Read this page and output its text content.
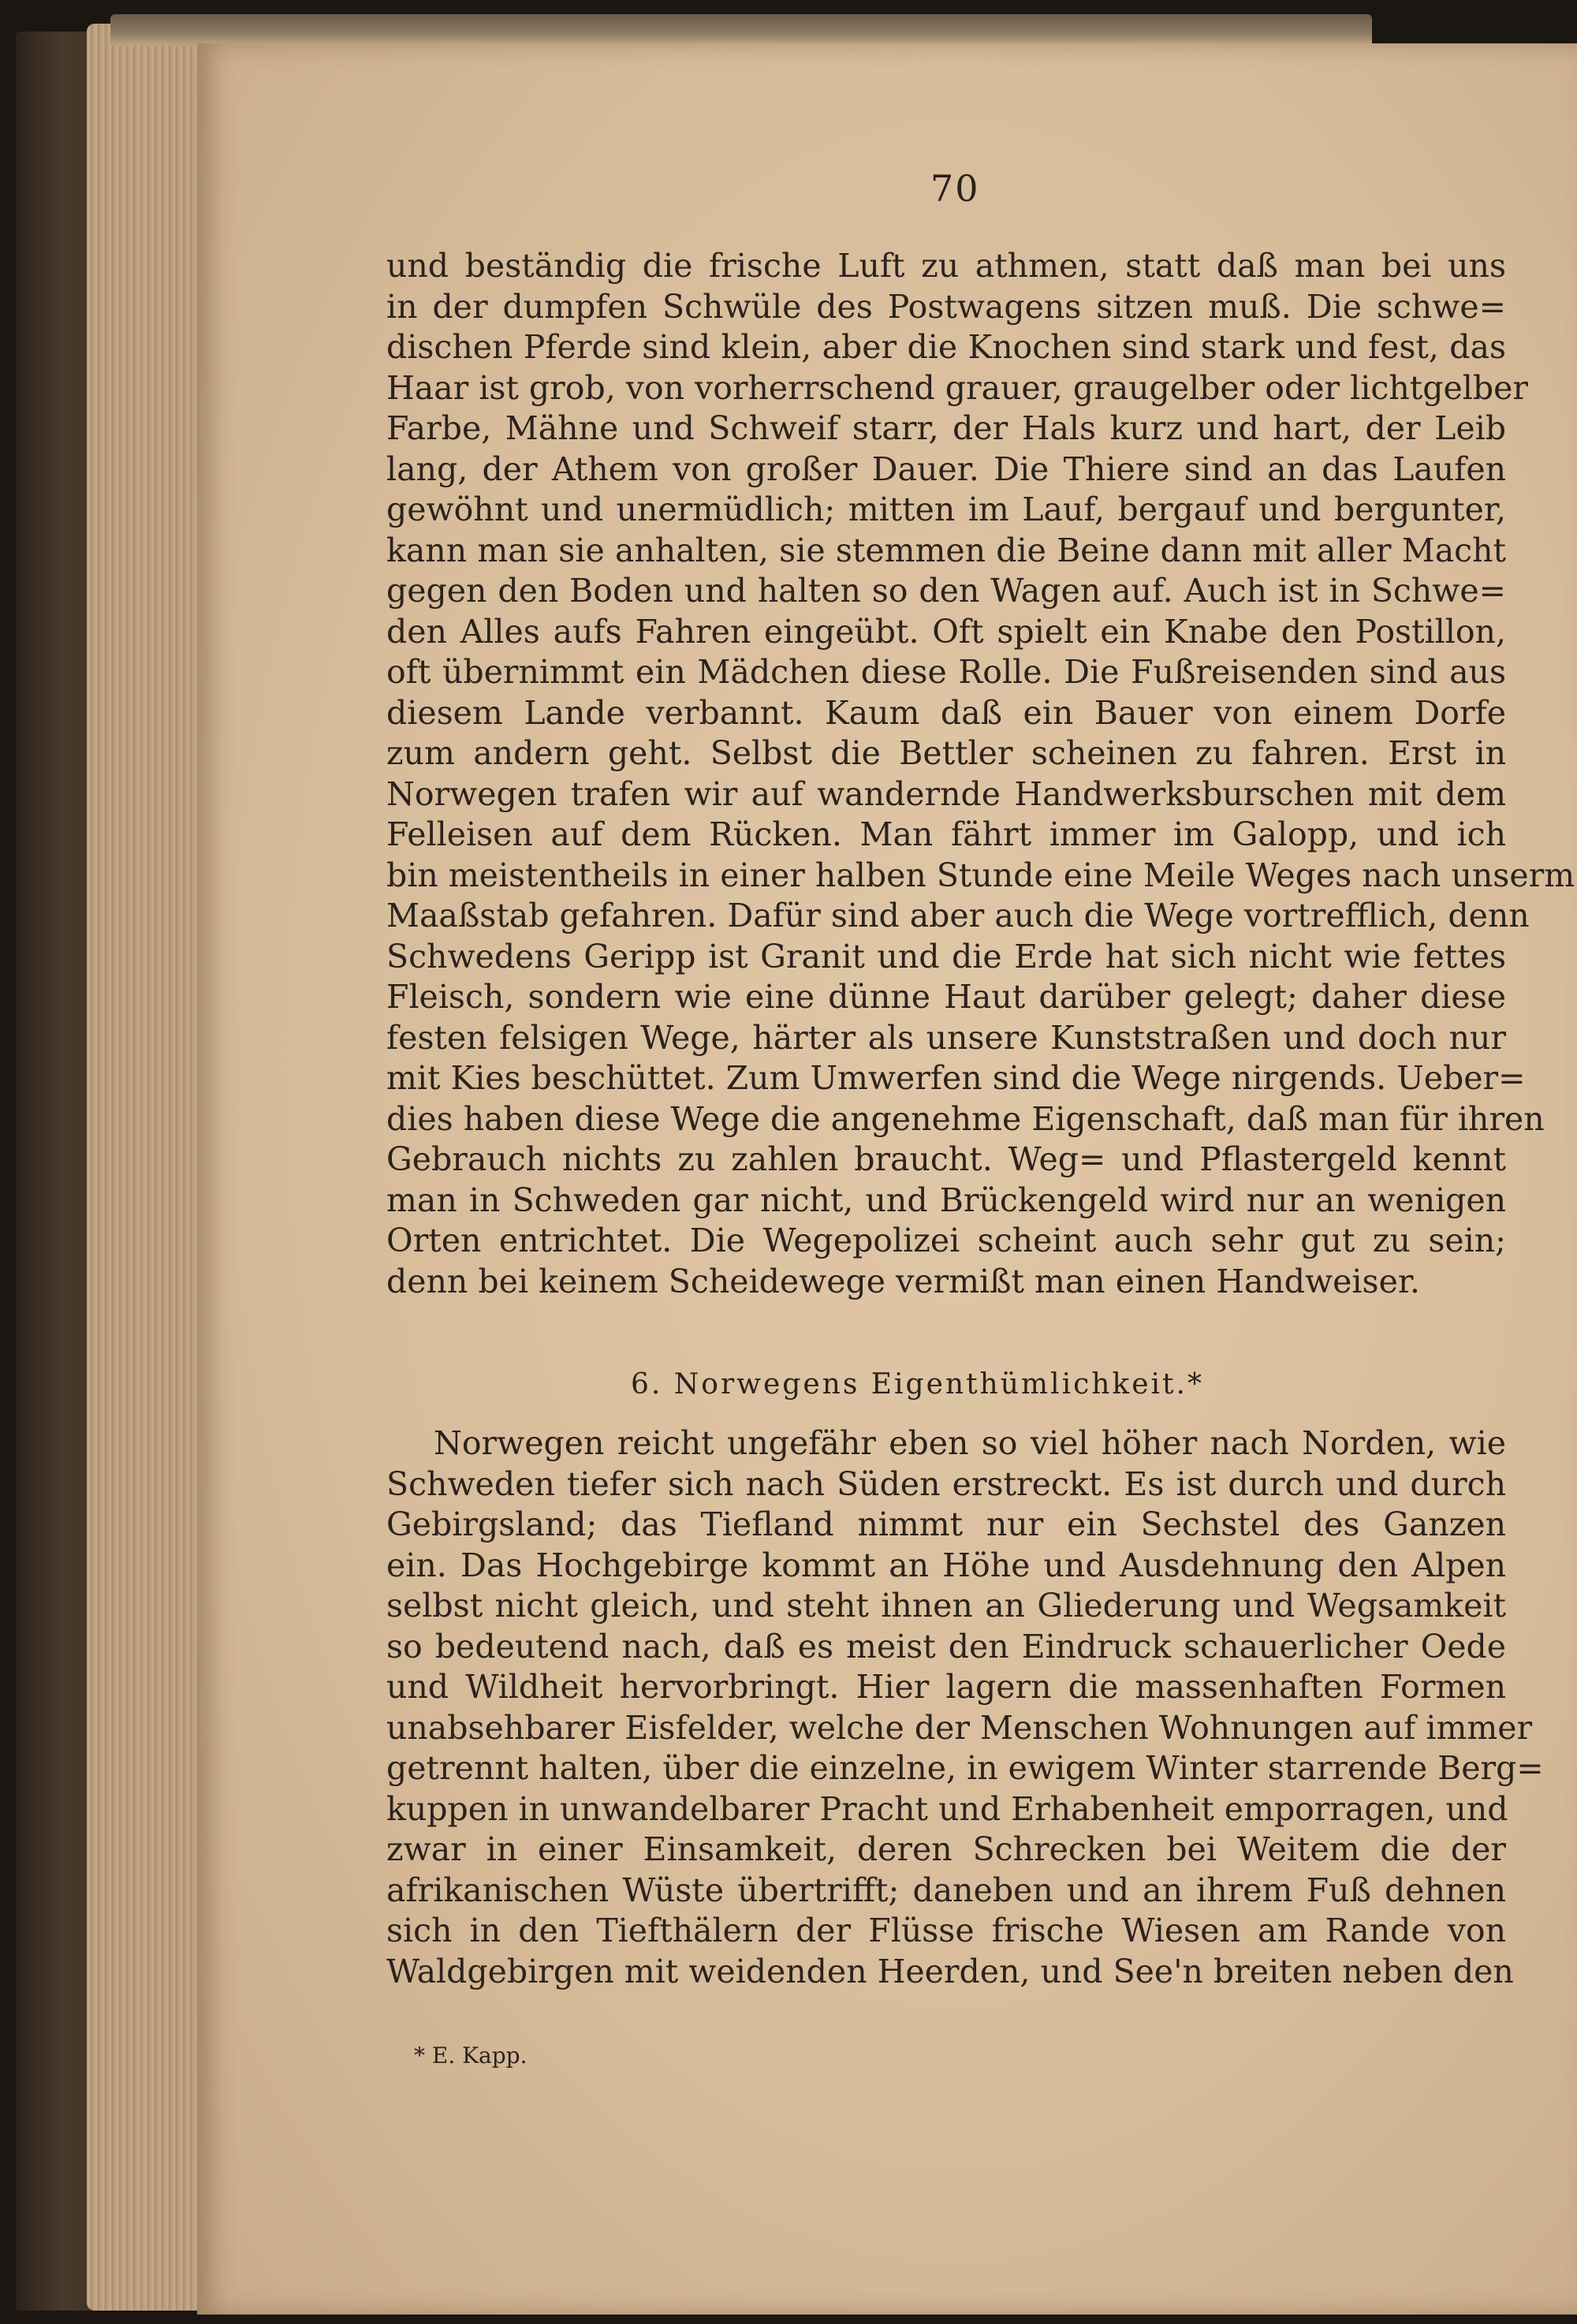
70
und beständig die frische Luft zu athmen, statt daß man bei uns
in der dumpfen Schwüle des Postwagens sitzen muß. Die schwe=
dischen Pferde sind klein, aber die Knochen sind stark und fest, das
Haar ist grob, von vorherrschend grauer, graugelber oder lichtgelber
Farbe, Mähne und Schweif starr, der Hals kurz und hart, der Leib
lang, der Athem von großer Dauer. Die Thiere sind an das Laufen
gewöhnt und unermüdlich; mitten im Lauf, bergauf und bergunter,
kann man sie anhalten, sie stemmen die Beine dann mit aller Macht
gegen den Boden und halten so den Wagen auf. Auch ist in Schwe=
den Alles aufs Fahren eingeübt. Oft spielt ein Knabe den Postillon,
oft übernimmt ein Mädchen diese Rolle. Die Fußreisenden sind aus
diesem Lande verbannt. Kaum daß ein Bauer von einem Dorfe
zum andern geht. Selbst die Bettler scheinen zu fahren. Erst in
Norwegen trafen wir auf wandernde Handwerksburschen mit dem
Felleisen auf dem Rücken. Man fährt immer im Galopp, und ich
bin meistentheils in einer halben Stunde eine Meile Weges nach unserm
Maaßstab gefahren. Dafür sind aber auch die Wege vortrefflich, denn
Schwedens Geripp ist Granit und die Erde hat sich nicht wie fettes
Fleisch, sondern wie eine dünne Haut darüber gelegt; daher diese
festen felsigen Wege, härter als unsere Kunststraßen und doch nur
mit Kies beschüttet. Zum Umwerfen sind die Wege nirgends. Ueber=
dies haben diese Wege die angenehme Eigenschaft, daß man für ihren
Gebrauch nichts zu zahlen braucht. Weg= und Pflastergeld kennt
man in Schweden gar nicht, und Brückengeld wird nur an wenigen
Orten entrichtet. Die Wegepolizei scheint auch sehr gut zu sein;
denn bei keinem Scheidewege vermißt man einen Handweiser.
6. Norwegens Eigenthümlichkeit.*
Norwegen reicht ungefähr eben so viel höher nach Norden, wie
Schweden tiefer sich nach Süden erstreckt. Es ist durch und durch
Gebirgsland; das Tiefland nimmt nur ein Sechstel des Ganzen
ein. Das Hochgebirge kommt an Höhe und Ausdehnung den Alpen
selbst nicht gleich, und steht ihnen an Gliederung und Wegsamkeit
so bedeutend nach, daß es meist den Eindruck schauerlicher Oede
und Wildheit hervorbringt. Hier lagern die massenhaften Formen
unabsehbarer Eisfelder, welche der Menschen Wohnungen auf immer
getrennt halten, über die einzelne, in ewigem Winter starrende Berg=
kuppen in unwandelbarer Pracht und Erhabenheit emporragen, und
zwar in einer Einsamkeit, deren Schrecken bei Weitem die der
afrikanischen Wüste übertrifft; daneben und an ihrem Fuß dehnen
sich in den Tiefthälern der Flüsse frische Wiesen am Rande von
Waldgebirgen mit weidenden Heerden, und See'n breiten neben den
* E. Kapp.
